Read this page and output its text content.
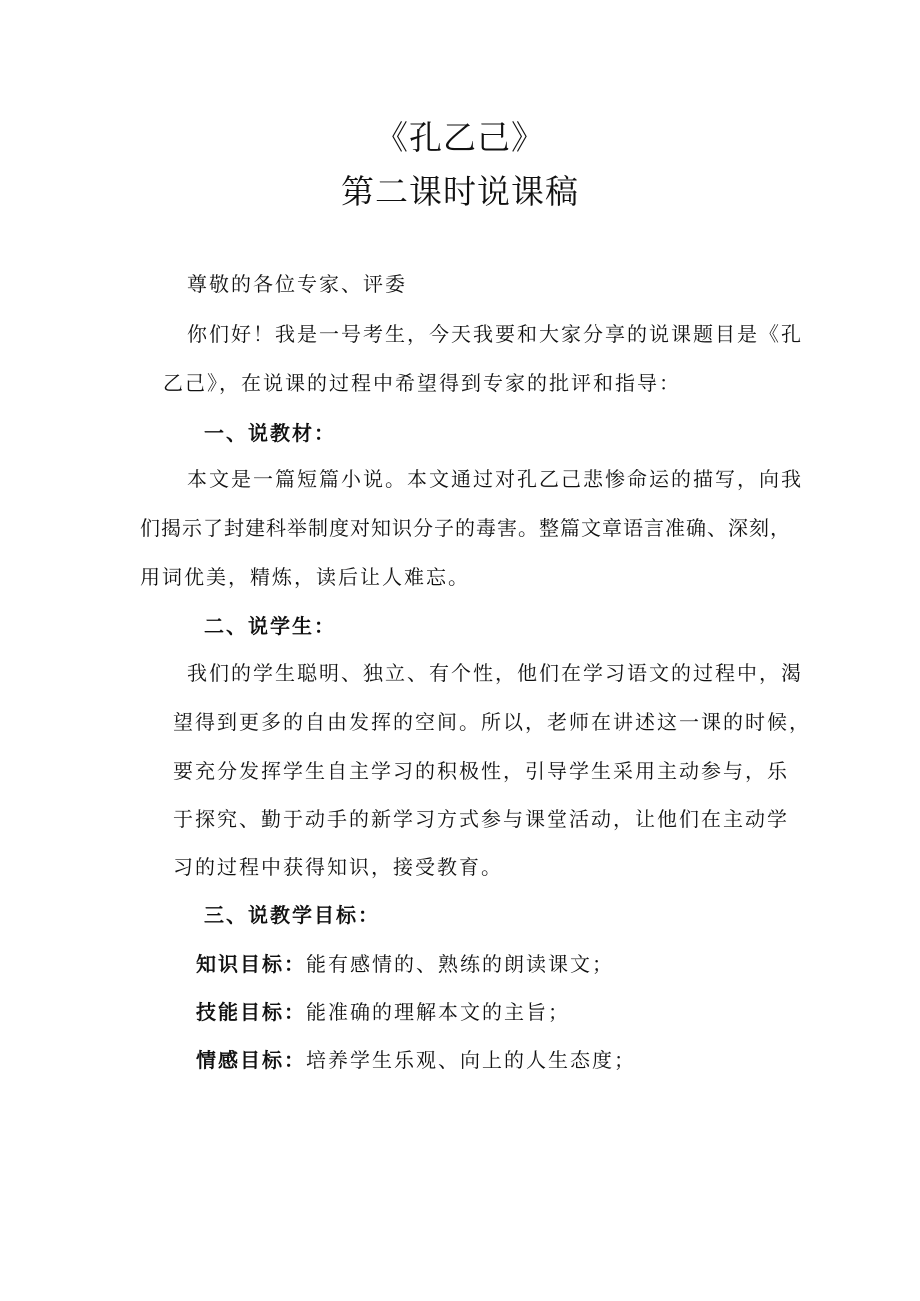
《孔乙己》
第二课时说课稿

尊敬的各位专家、评委

你们好！我是一号考生，今天我要和大家分享的说课题目是《孔

乙己》，在说课的过程中希望得到专家的批评和指导：

一、说教材：

本文是一篇短篇小说。本文通过对孔乙己悲惨命运的描写，向我

们揭示了封建科举制度对知识分子的毒害。整篇文章语言准确、深刻，

用词优美，精炼，读后让人难忘。

二、说学生：

我们的学生聪明、独立、有个性，他们在学习语文的过程中，渴

望得到更多的自由发挥的空间。所以，老师在讲述这一课的时候，

要充分发挥学生自主学习的积极性，引导学生采用主动参与，乐

于探究、勤于动手的新学习方式参与课堂活动，让他们在主动学

习的过程中获得知识，接受教育。

三、说教学目标：

知识目标：能有感情的、熟练的朗读课文；

技能目标：能准确的理解本文的主旨；

情感目标：培养学生乐观、向上的人生态度；
